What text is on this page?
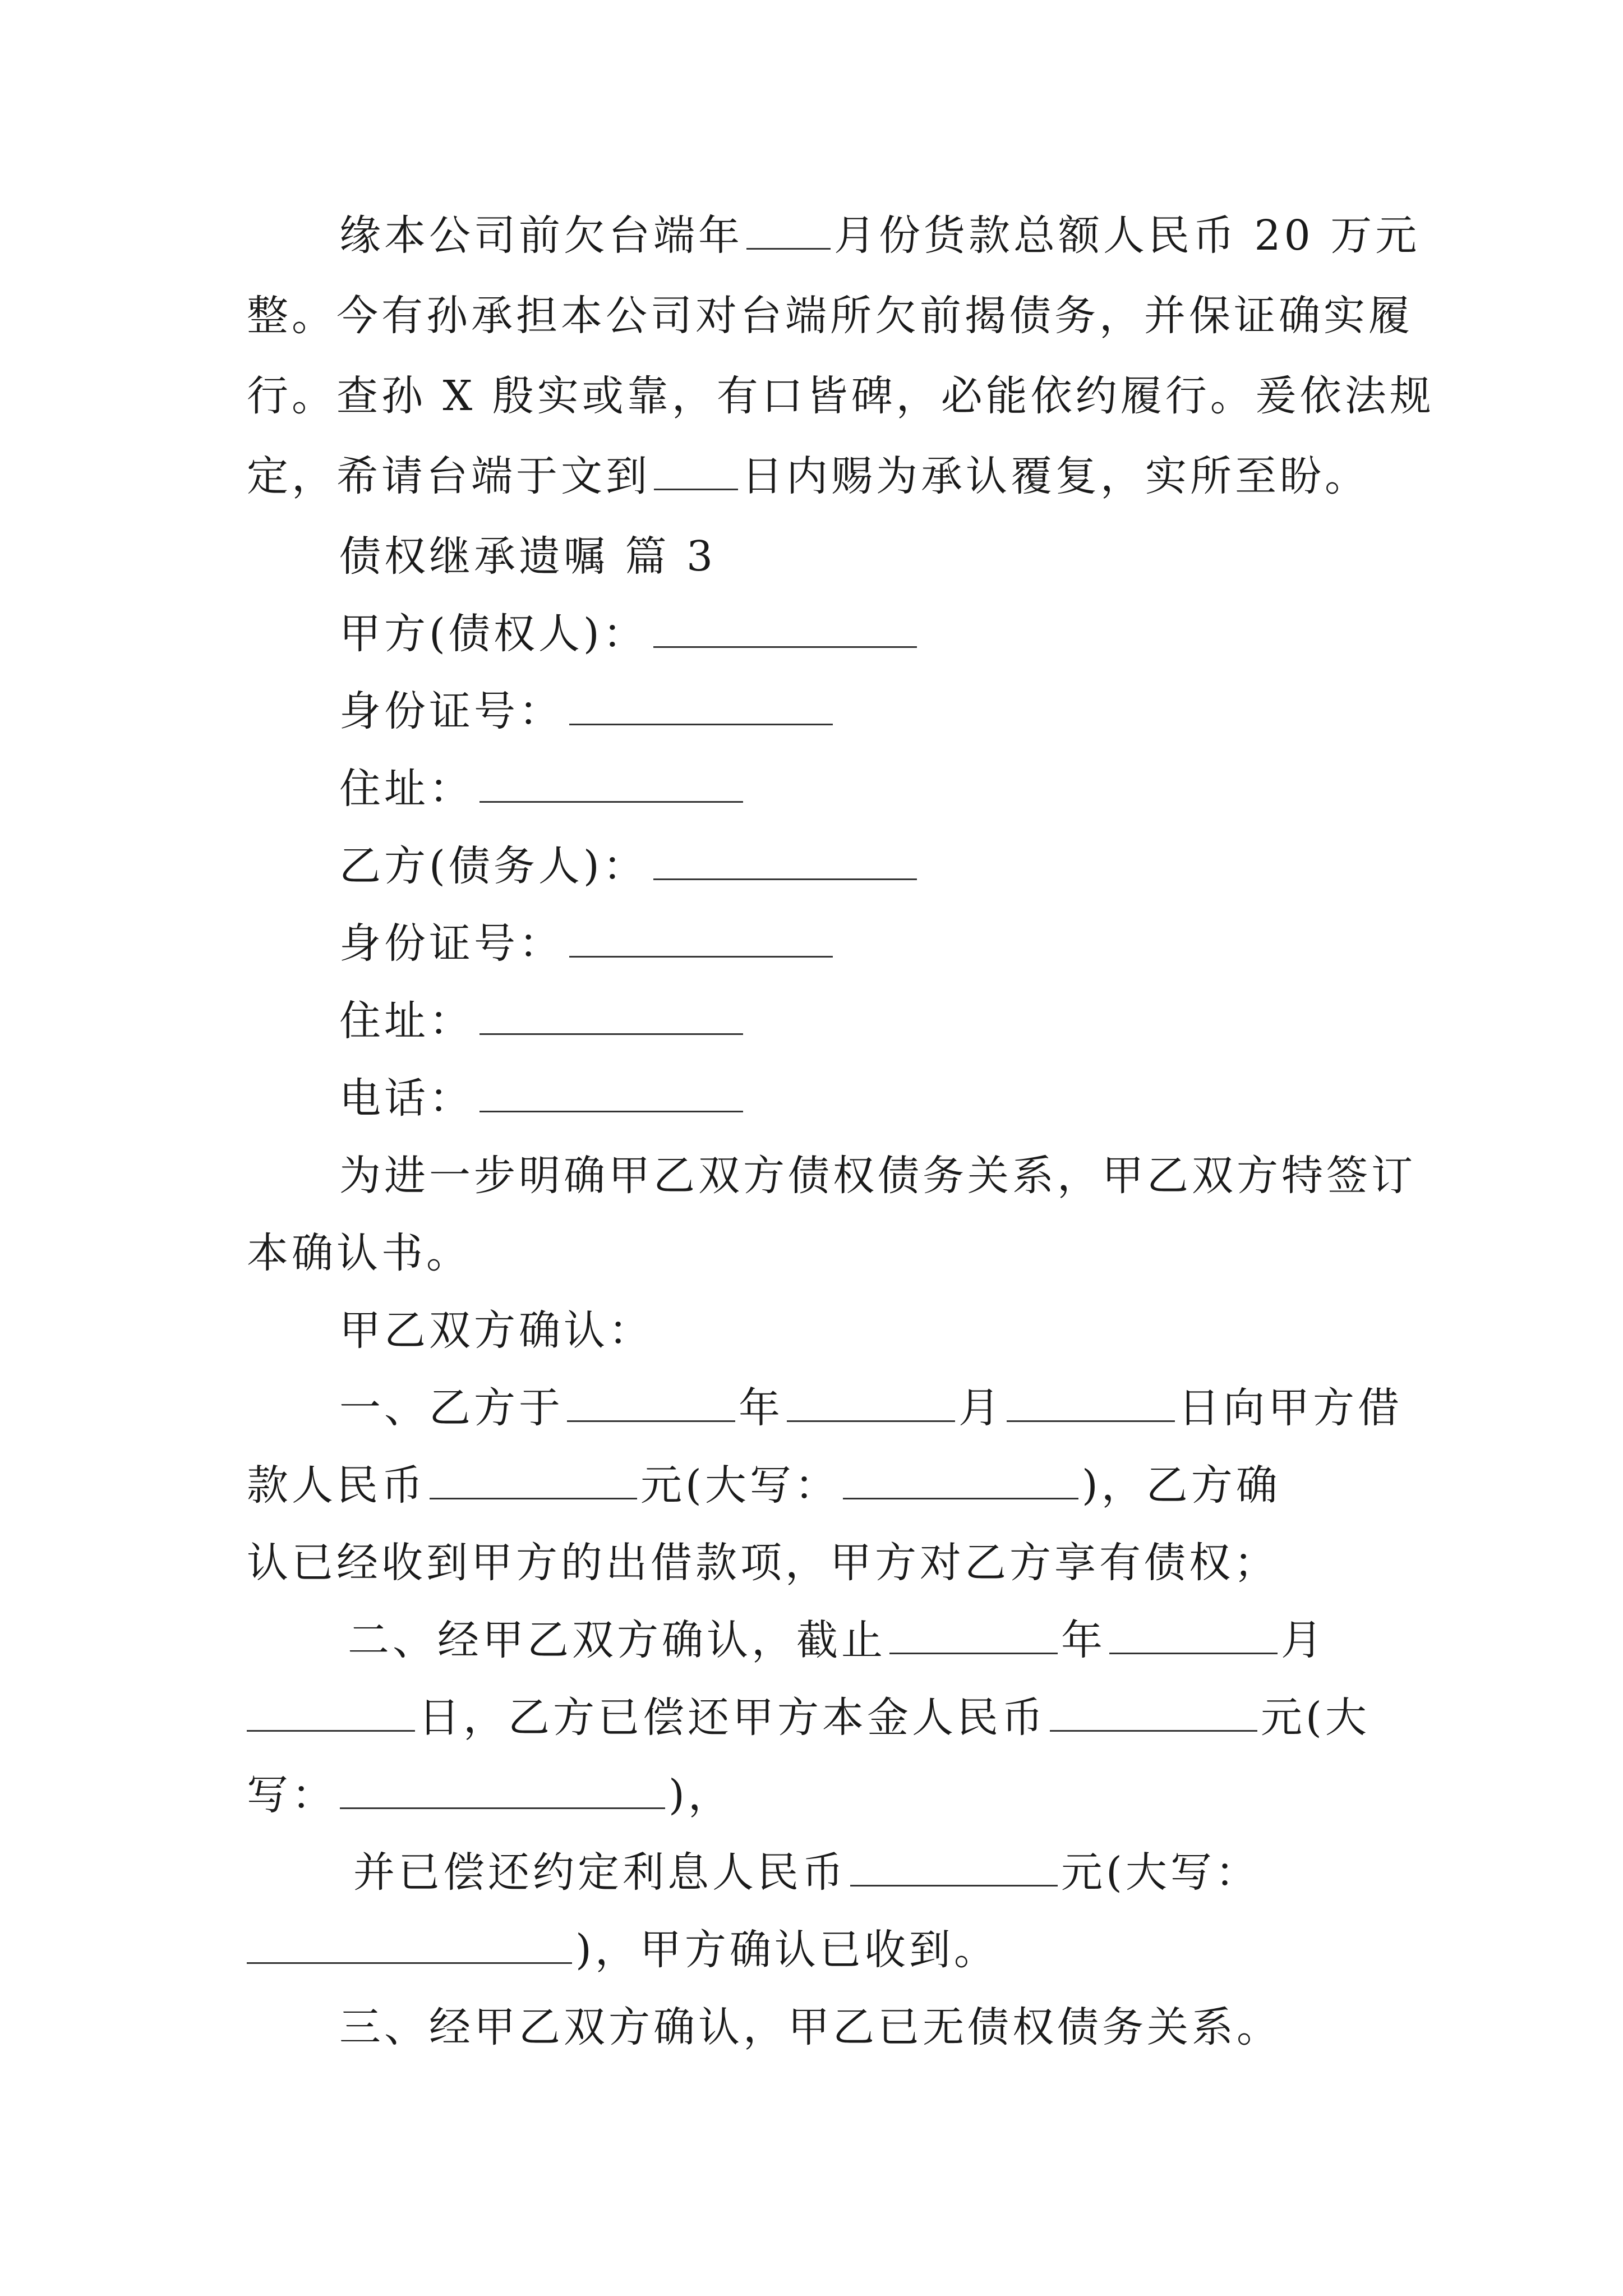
缘本公司前欠台端年 月份货款总额人民币 20 万元
整。今有孙承担本公司对台端所欠前揭债务，并保证确实履
行。查孙 X 殷实或靠，有口皆碑，必能依约履行。爰依法规
定，希请台端于文到 日内赐为承认覆复，实所至盼。
债权继承遗嘱 篇 3
甲方(债权人)：
身份证号：
住址：
乙方(债务人)：
身份证号：
住址：
电话：
为进一步明确甲乙双方债权债务关系，甲乙双方特签订
本确认书。
甲乙双方确认：
一、乙方于	年	月	日向甲方借
款人民币	元(大写：	)，乙方确
认已经收到甲方的出借款项，甲方对乙方享有债权；
二、经甲乙双方确认，截止	年	月
日，乙方已偿还甲方本金人民币	元(大
写：	)，
并已偿还约定利息人民币	元(大写：
)，甲方确认已收到。
三、经甲乙双方确认，甲乙已无债权债务关系。
